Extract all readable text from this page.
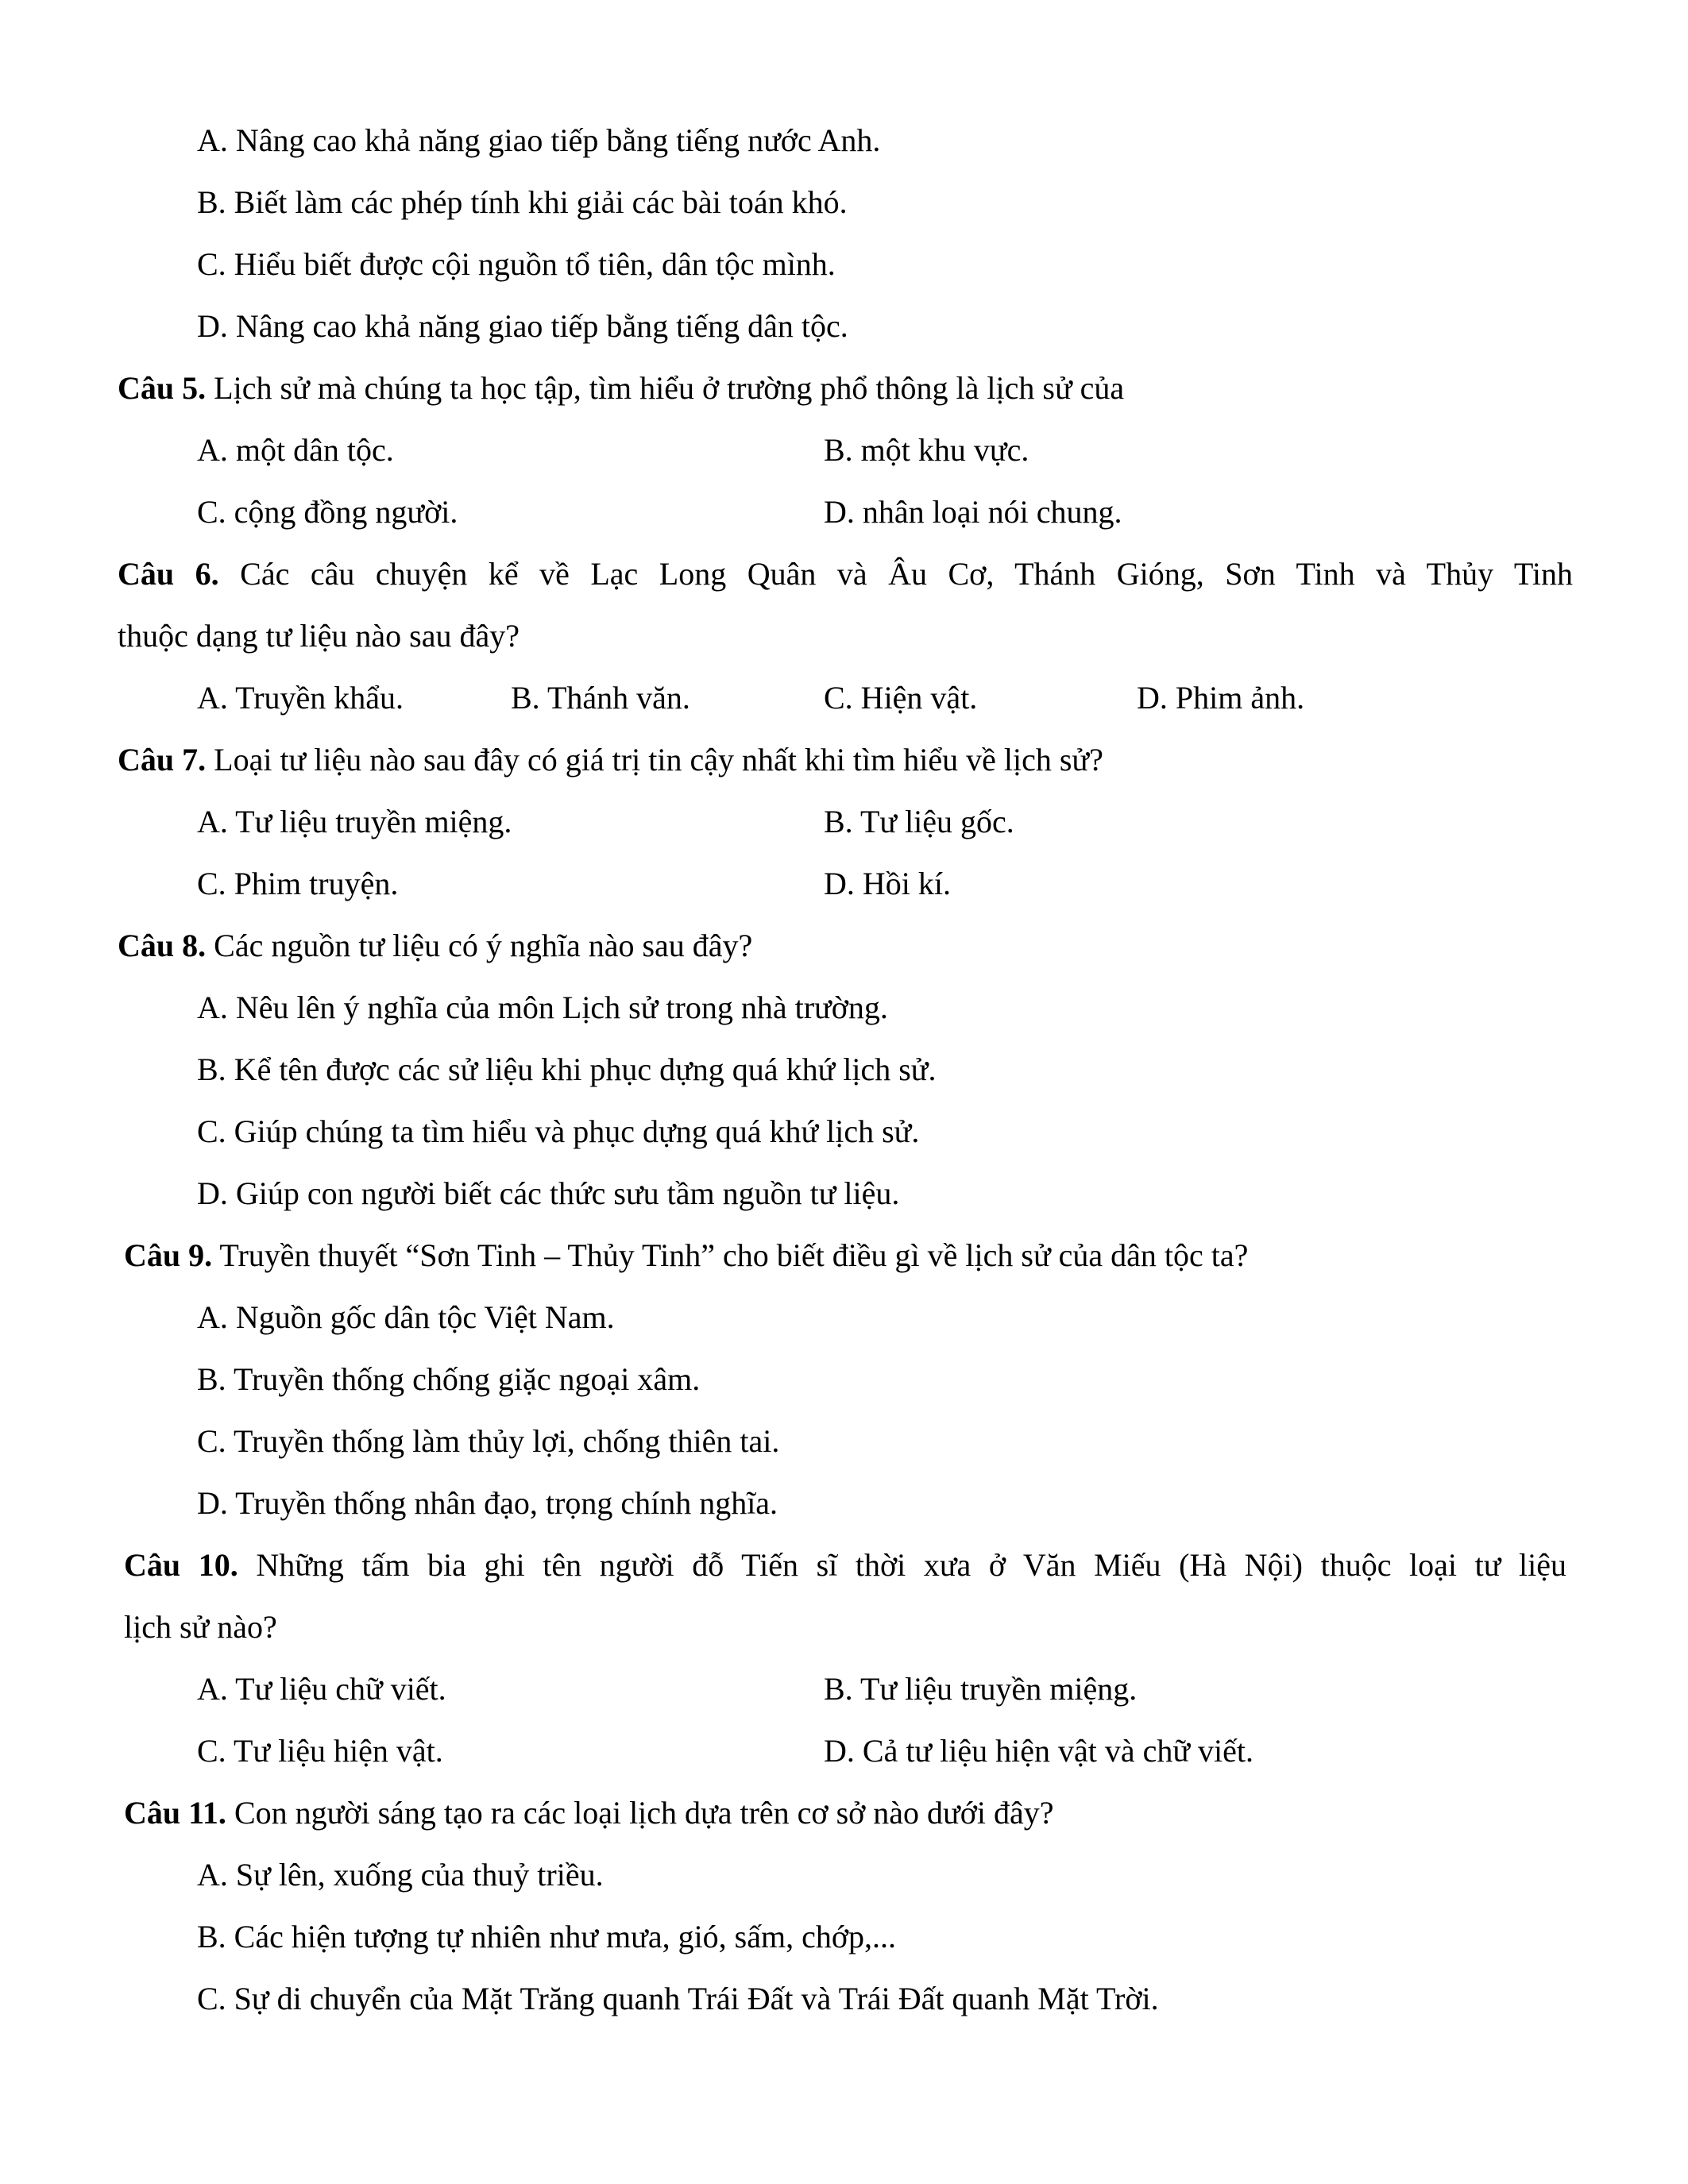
A. Nâng cao khả năng giao tiếp bằng tiếng nước Anh.
B. Biết làm các phép tính khi giải các bài toán khó.
C. Hiểu biết được cội nguồn tổ tiên, dân tộc mình.
D. Nâng cao khả năng giao tiếp bằng tiếng dân tộc.
Câu 5. Lịch sử mà chúng ta học tập, tìm hiểu ở trường phổ thông là lịch sử của
A. một dân tộc.	B. một khu vực.
C. cộng đồng người.	D. nhân loại nói chung.
Câu 6. Các câu chuyện kể về Lạc Long Quân và Âu Cơ, Thánh Gióng, Sơn Tinh và Thủy Tinh
thuộc dạng tư liệu nào sau đây?
A. Truyền khẩu.	B. Thánh văn.	C. Hiện vật.	D. Phim ảnh.
Câu 7. Loại tư liệu nào sau đây có giá trị tin cậy nhất khi tìm hiểu về lịch sử?
A. Tư liệu truyền miệng.	B. Tư liệu gốc.
C. Phim truyện.	D. Hồi kí.
Câu 8. Các nguồn tư liệu có ý nghĩa nào sau đây?
A. Nêu lên ý nghĩa của môn Lịch sử trong nhà trường.
B. Kể tên được các sử liệu khi phục dựng quá khứ lịch sử.
C. Giúp chúng ta tìm hiểu và phục dựng quá khứ lịch sử.
D. Giúp con người biết các thức sưu tầm nguồn tư liệu.
Câu 9. Truyền thuyết “Sơn Tinh – Thủy Tinh” cho biết điều gì về lịch sử của dân tộc ta?
A. Nguồn gốc dân tộc Việt Nam.
B. Truyền thống chống giặc ngoại xâm.
C. Truyền thống làm thủy lợi, chống thiên tai.
D. Truyền thống nhân đạo, trọng chính nghĩa.
Câu 10. Những tấm bia ghi tên người đỗ Tiến sĩ thời xưa ở Văn Miếu (Hà Nội) thuộc loại tư liệu
lịch sử nào?
A. Tư liệu chữ viết.	B. Tư liệu truyền miệng.
C. Tư liệu hiện vật.	D. Cả tư liệu hiện vật và chữ viết.
Câu 11. Con người sáng tạo ra các loại lịch dựa trên cơ sở nào dưới đây?
A. Sự lên, xuống của thuỷ triều.
B. Các hiện tượng tự nhiên như mưa, gió, sấm, chớp,...
C. Sự di chuyển của Mặt Trăng quanh Trái Đất và Trái Đất quanh Mặt Trời.
